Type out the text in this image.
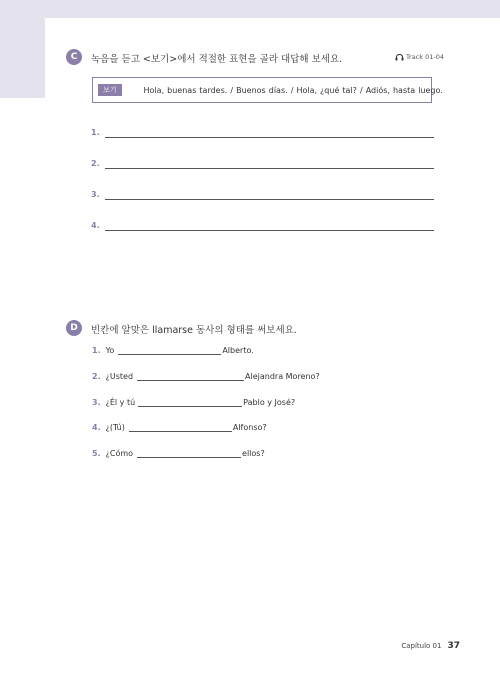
C	녹음을 듣고 <보기>에서 적절한 표현을 골라 대답해 보세요.	Track 01-04
보기	Hola, buenas tardes. / Buenos días. / Hola, ¿qué tal? / Adiós, hasta luego.
1.
2.
3.
4.
D	빈칸에 알맞은 llamarse 동사의 형태를 써보세요.
1. Yo	Alberto.
2. ¿Usted	Alejandra Moreno?
3. ¿Él y tú	Pablo y José?
4. ¿(Tú)	Alfonso?
5. ¿Cómo	ellos?
Capítulo 01 37
